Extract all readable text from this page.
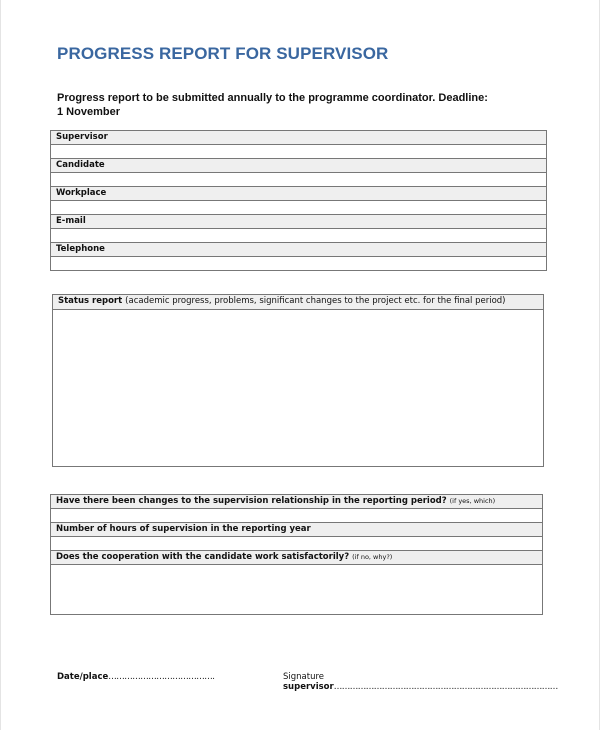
PROGRESS REPORT FOR SUPERVISOR
Progress report to be submitted annually to the programme coordinator. Deadline: 1 November
Supervisor
Candidate
Workplace
E-mail
Telephone
Status report (academic progress, problems, significant changes to the project etc. for the final period)
Have there been changes to the supervision relationship in the reporting period? (if yes, which)
Number of hours of supervision in the reporting year
Does the cooperation with the candidate work satisfactorily? (if no, why?)
Date/place………………………………….	Signature supervisor…………………………………………………………………………
